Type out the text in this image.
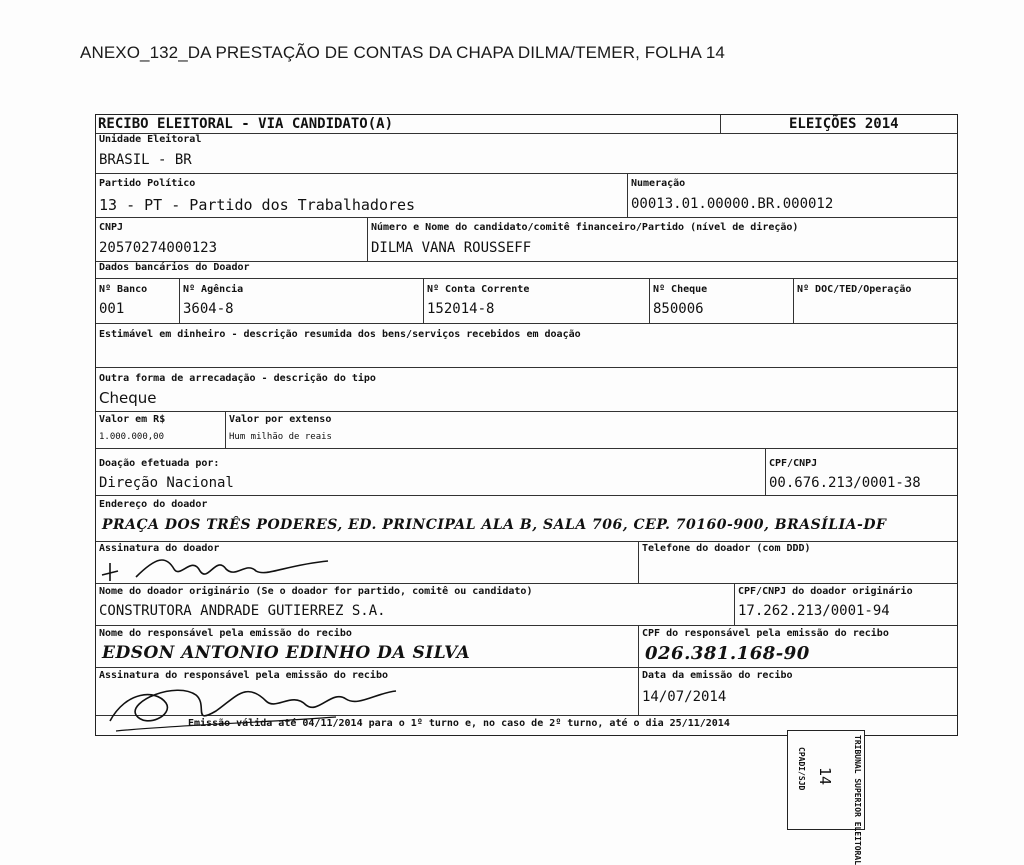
ANEXO_132_DA PRESTAÇÃO DE CONTAS DA CHAPA DILMA/TEMER, FOLHA 14
RECIBO ELEITORAL - VIA CANDIDATO(A)	ELEIÇÕES 2014
Unidade Eleitoral
BRASIL - BR
Partido Político
13 - PT - Partido dos Trabalhadores
Numeração
00013.01.00000.BR.000012
CNPJ
20570274000123
Número e Nome do candidato/comitê financeiro/Partido (nível de direção)
DILMA VANA ROUSSEFF
Dados bancários do Doador
Nº Banco
001
Nº Agência
3604-8
Nº Conta Corrente
152014-8
Nº Cheque
850006
Nº DOC/TED/Operação
Estimável em dinheiro - descrição resumida dos bens/serviços recebidos em doação
Outra forma de arrecadação - descrição do tipo
Cheque
Valor em R$
1.000.000,00
Valor por extenso
Hum milhão de reais
Doação efetuada por:
Direção Nacional
CPF/CNPJ
00.676.213/0001-38
Endereço do doador
PRAÇA DOS TRÊS PODERES, ED. PRINCIPAL ALA B, SALA 706, CEP. 70160-900, BRASÍLIA-DF
Assinatura do doador	Telefone do doador (com DDD)
Nome do doador originário (Se o doador for partido, comitê ou candidato)
CONSTRUTORA ANDRADE GUTIERREZ S.A.
CPF/CNPJ do doador originário
17.262.213/0001-94
Nome do responsável pela emissão do recibo
EDSON ANTONIO EDINHO DA SILVA
CPF do responsável pela emissão do recibo
026.381.168-90
Assinatura do responsável pela emissão do recibo	Data da emissão do recibo
14/07/2014
Emissão válida até 04/11/2014 para o 1º turno e, no caso de 2º turno, até o dia 25/11/2014
TRIBUNAL SUPERIOR ELEITORAL
14
CPADI/SJD
